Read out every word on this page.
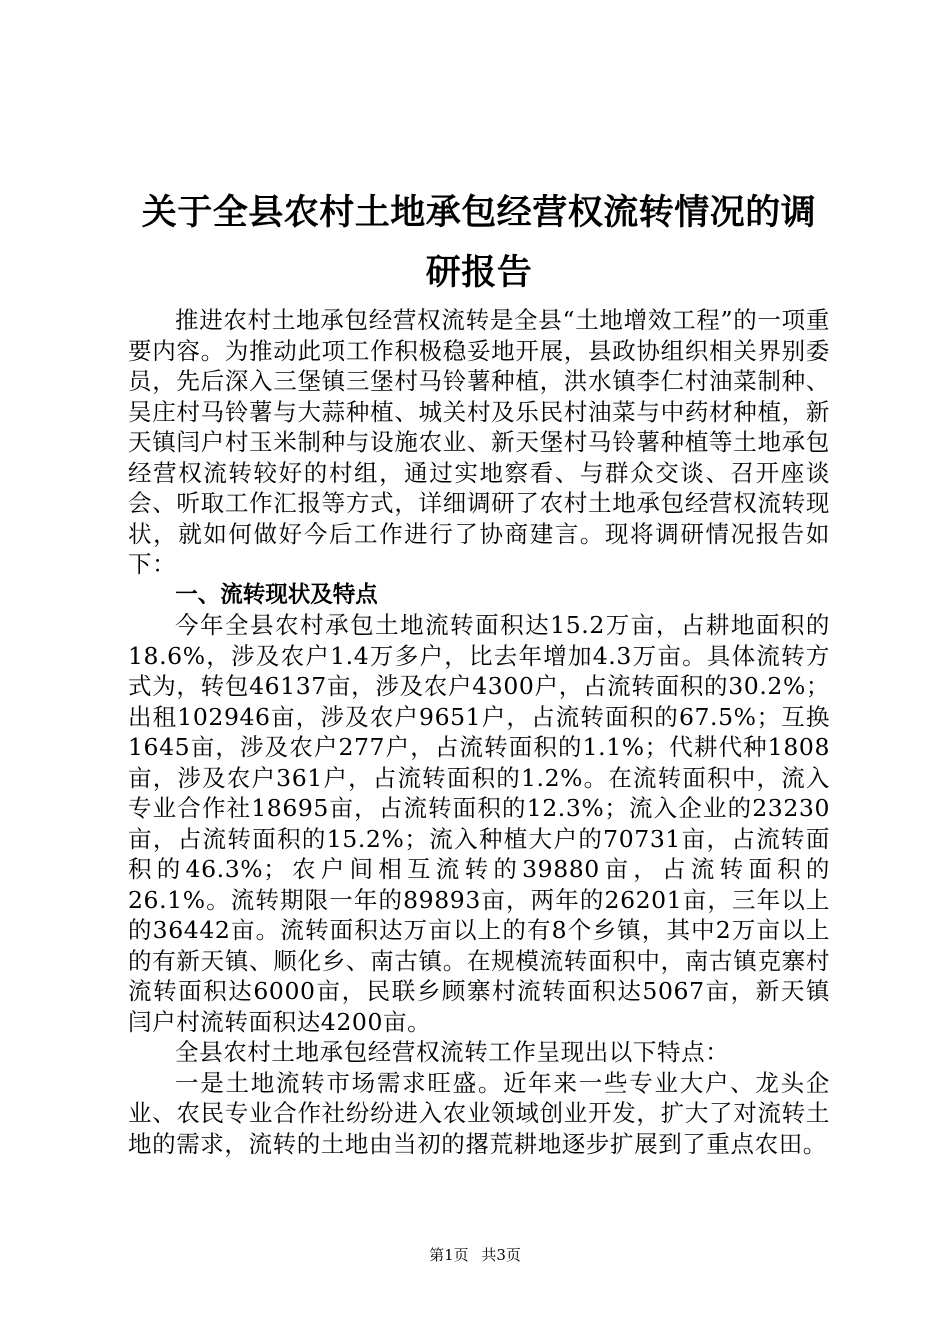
关于全县农村土地承包经营权流转情况的调研报告

推进农村土地承包经营权流转是全县“土地增效工程”的一项重要内容。为推动此项工作积极稳妥地开展，县政协组织相关界别委员，先后深入三堡镇三堡村马铃薯种植，洪水镇李仁村油菜制种、吴庄村马铃薯与大蒜种植、城关村及乐民村油菜与中药材种植，新天镇闫户村玉米制种与设施农业、新天堡村马铃薯种植等土地承包经营权流转较好的村组，通过实地察看、与群众交谈、召开座谈会、听取工作汇报等方式，详细调研了农村土地承包经营权流转现状，就如何做好今后工作进行了协商建言。现将调研情况报告如下：

一、流转现状及特点

今年全县农村承包土地流转面积达15.2万亩，占耕地面积的18.6%，涉及农户1.4万多户，比去年增加4.3万亩。具体流转方式为，转包46137亩，涉及农户4300户，占流转面积的30.2%；出租102946亩，涉及农户9651户，占流转面积的67.5%；互换1645亩，涉及农户277户，占流转面积的1.1%；代耕代种1808亩，涉及农户361户，占流转面积的1.2%。在流转面积中，流入专业合作社18695亩，占流转面积的12.3%；流入企业的23230亩，占流转面积的15.2%；流入种植大户的70731亩，占流转面积的46.3%；农户间相互流转的39880亩，占流转面积的26.1%。流转期限一年的89893亩，两年的26201亩，三年以上的36442亩。流转面积达万亩以上的有8个乡镇，其中2万亩以上的有新天镇、顺化乡、南古镇。在规模流转面积中，南古镇克寨村流转面积达6000亩，民联乡顾寨村流转面积达5067亩，新天镇闫户村流转面积达4200亩。

全县农村土地承包经营权流转工作呈现出以下特点：

一是土地流转市场需求旺盛。近年来一些专业大户、龙头企业、农民专业合作社纷纷进入农业领域创业开发，扩大了对流转土地的需求，流转的土地由当初的撂荒耕地逐步扩展到了重点农田。

第1页 共3页
